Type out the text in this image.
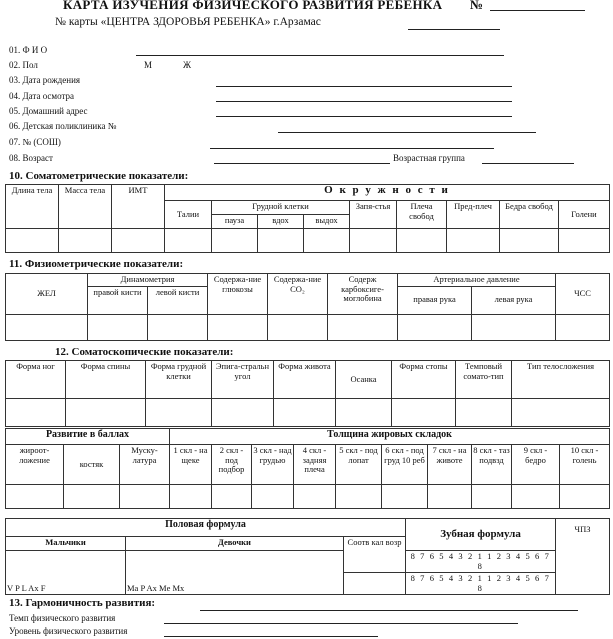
КАРТА ИЗУЧЕНИЯ ФИЗИЧЕСКОГО РАЗВИТИЯ РЕБЕНКА №
№ карты «ЦЕНТРА ЗДОРОВЬЯ РЕБЕНКА» г.Арзамас
01. Ф И О
02. Пол	М	Ж
03. Дата рождения
04. Дата осмотра
05. Домашний адрес
06. Детская поликлиника №
07. № (СОШ)
08. Возраст	Возрастная группа
10. Соматометрические показатели:
Длина тела	Масса тела	ИМТ	О к р у ж н о с т и								
			Талии	Грудной клетки			Запя-стья	Плеча свобод	Пред-плеч	Бедра свобод	Голени
				пауза	вдох	выдох					

11. Физиометрические показатели:
ЖЕЛ	Динамометрия		Содержа-ние глюкозы	Содержа-ние CO₂	Содерж карбоксиге-моглобина	Артериальное давление		ЧСС
	правой кисти	левой кисти				правая рука	левая рука	

12. Соматоскопические показатели:
Форма ног	Форма спины	Форма грудной клетки	Эпига-стральн угол	Форма живота	Осанка	Форма стопы	Темповый сомато-тип	Тип телосложения

Развитие в баллах			Толщина жировых складок									
жироот-ложение	костяк	Муску-латура	1 скл - на щеке	2 скл - под подбор	3 скл - над грудью	4 скл - задняя плеча	5 скл - под лопат	6 скл - под груд 10 реб	7 скл - на животе	8 скл - таз подвзд	9 скл - бедро	10 скл - голень

Половая формула			Зубная формула	ЧПЗ
Мальчики	Девочки	Соотв кал возр		
V P L Ax F	Ma P Ax Me Mx		8 7 6 5 4 3 2 1 1 2 3 4 5 6 7 8	
			8 7 6 5 4 3 2 1 1 2 3 4 5 6 7 8	
13. Гармоничность развития:
Темп физического развития
Уровень физического развития
